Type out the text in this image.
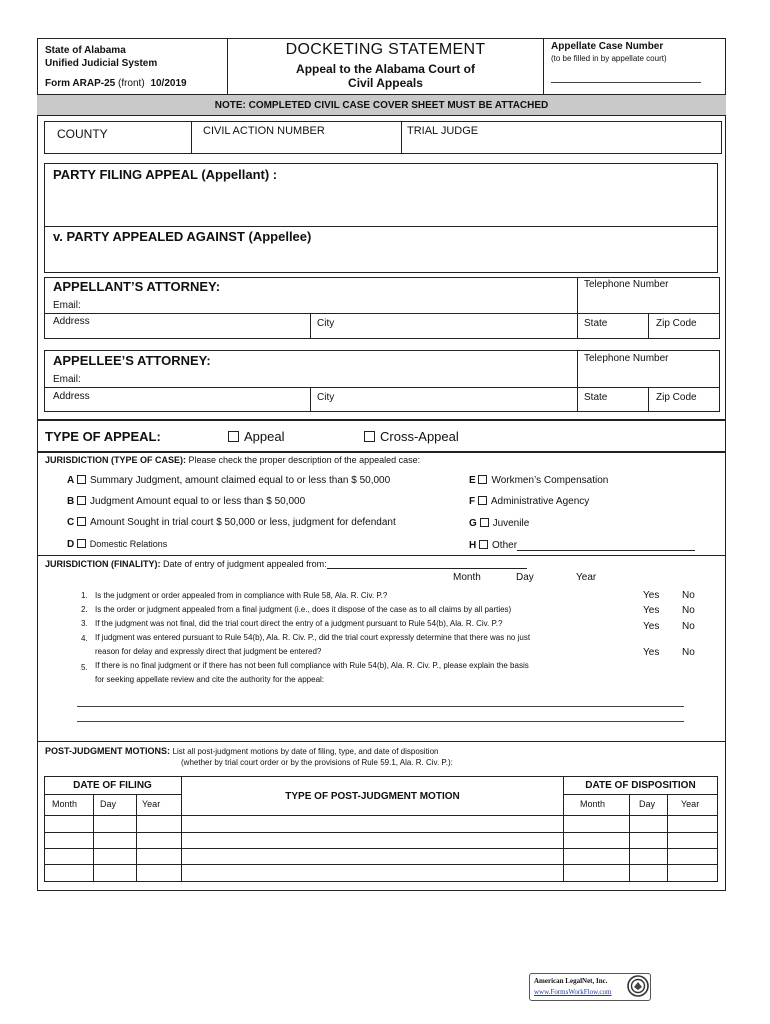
State of Alabama
Unified Judicial System
Form ARAP-25 (front) 10/2019
DOCKETING STATEMENT
Appeal to the Alabama Court of
Civil Appeals
Appellate Case Number
(to be filled in by appellate court)
NOTE: COMPLETED CIVIL CASE COVER SHEET MUST BE ATTACHED
COUNTY	CIVIL ACTION NUMBER	TRIAL JUDGE
PARTY FILING APPEAL (Appellant) :
v. PARTY APPEALED AGAINST (Appellee)
APPELLANT’S ATTORNEY:	Telephone Number
Email:
Address	City	State	Zip Code
APPELLEE’S ATTORNEY:	Telephone Number
Email:
Address	City	State	Zip Code
TYPE OF APPEAL:	Appeal	Cross-Appeal
JURISDICTION (TYPE OF CASE): Please check the proper description of the appealed case:
A Summary Judgment, amount claimed equal to or less than $ 50,000
B Judgment Amount equal to or less than $ 50,000
C Amount Sought in trial court $ 50,000 or less, judgment for defendant
D Domestic Relations
E Workmen’s Compensation
F Administrative Agency
G Juvenile
H Other
JURISDICTION (FINALITY): Date of entry of judgment appealed from:
Month	Day	Year
1. Is the judgment or order appealed from in compliance with Rule 58, Ala. R. Civ. P.?	Yes No
2. Is the order or judgment appealed from a final judgment (i.e., does it dispose of the case as to all claims by all parties)	Yes No
3. If the judgment was not final, did the trial court direct the entry of a judgment pursuant to Rule 54(b), Ala. R. Civ. P.?	Yes No
4. If judgment was entered pursuant to Rule 54(b), Ala. R. Civ. P., did the trial court expressly determine that there was no just
reason for delay and expressly direct that judgment be entered?	Yes No
5. If there is no final judgment or if there has not been full compliance with Rule 54(b), Ala. R. Civ. P., please explain the basis
for seeking appellate review and cite the authority for the appeal:
POST-JUDGMENT MOTIONS: List all post-judgment motions by date of filing, type, and date of disposition
(whether by trial court order or by the provisions of Rule 59.1, Ala. R. Civ. P.):
DATE OF FILING
TYPE OF POST-JUDGMENT MOTION
DATE OF DISPOSITION
Month	Day	Year	Month	Day	Year
American LegalNet, Inc.
www.FormsWorkFlow.com
